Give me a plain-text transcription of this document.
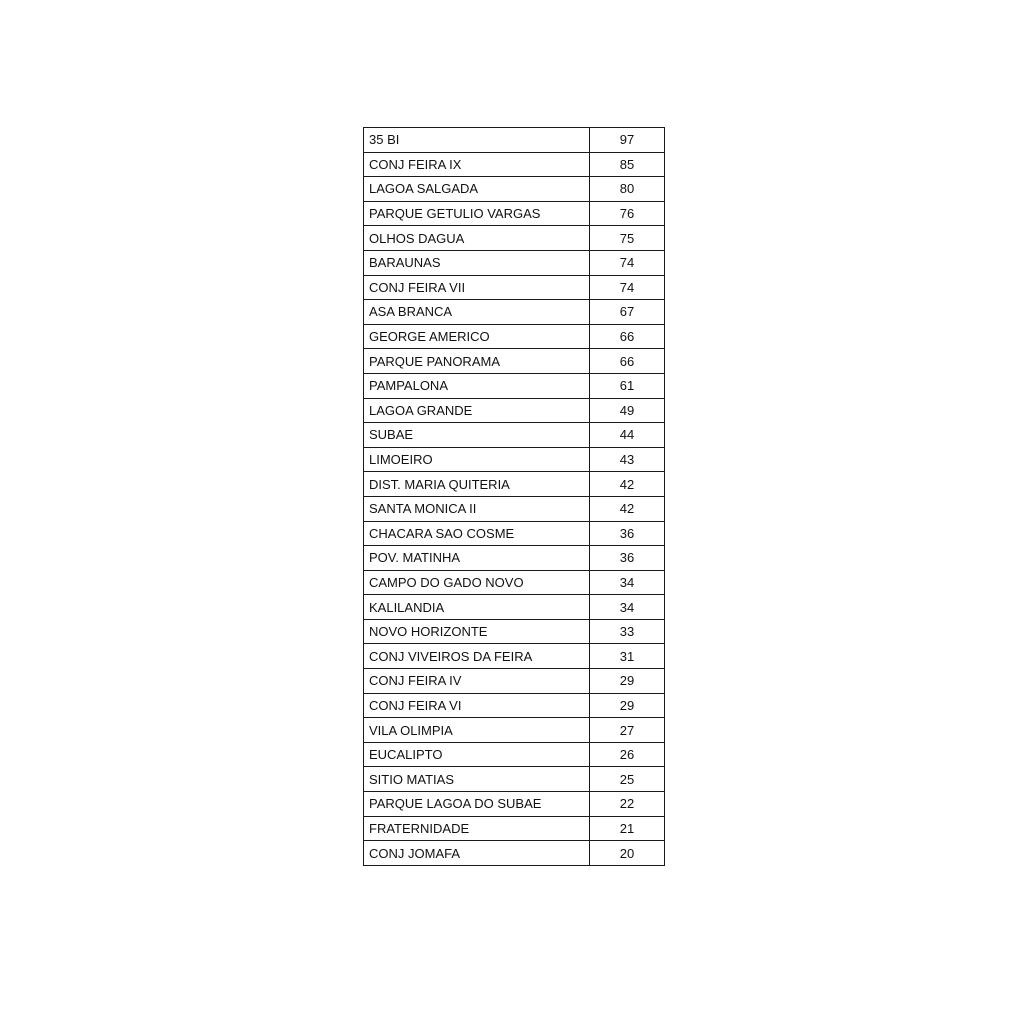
35 BI	97
CONJ FEIRA IX	85
LAGOA SALGADA	80
PARQUE GETULIO VARGAS	76
OLHOS DAGUA	75
BARAUNAS	74
CONJ FEIRA VII	74
ASA BRANCA	67
GEORGE AMERICO	66
PARQUE PANORAMA	66
PAMPALONA	61
LAGOA GRANDE	49
SUBAE	44
LIMOEIRO	43
DIST. MARIA QUITERIA	42
SANTA MONICA II	42
CHACARA SAO COSME	36
POV. MATINHA	36
CAMPO DO GADO NOVO	34
KALILANDIA	34
NOVO HORIZONTE	33
CONJ VIVEIROS DA FEIRA	31
CONJ FEIRA IV	29
CONJ FEIRA VI	29
VILA OLIMPIA	27
EUCALIPTO	26
SITIO MATIAS	25
PARQUE LAGOA DO SUBAE	22
FRATERNIDADE	21
CONJ JOMAFA	20
